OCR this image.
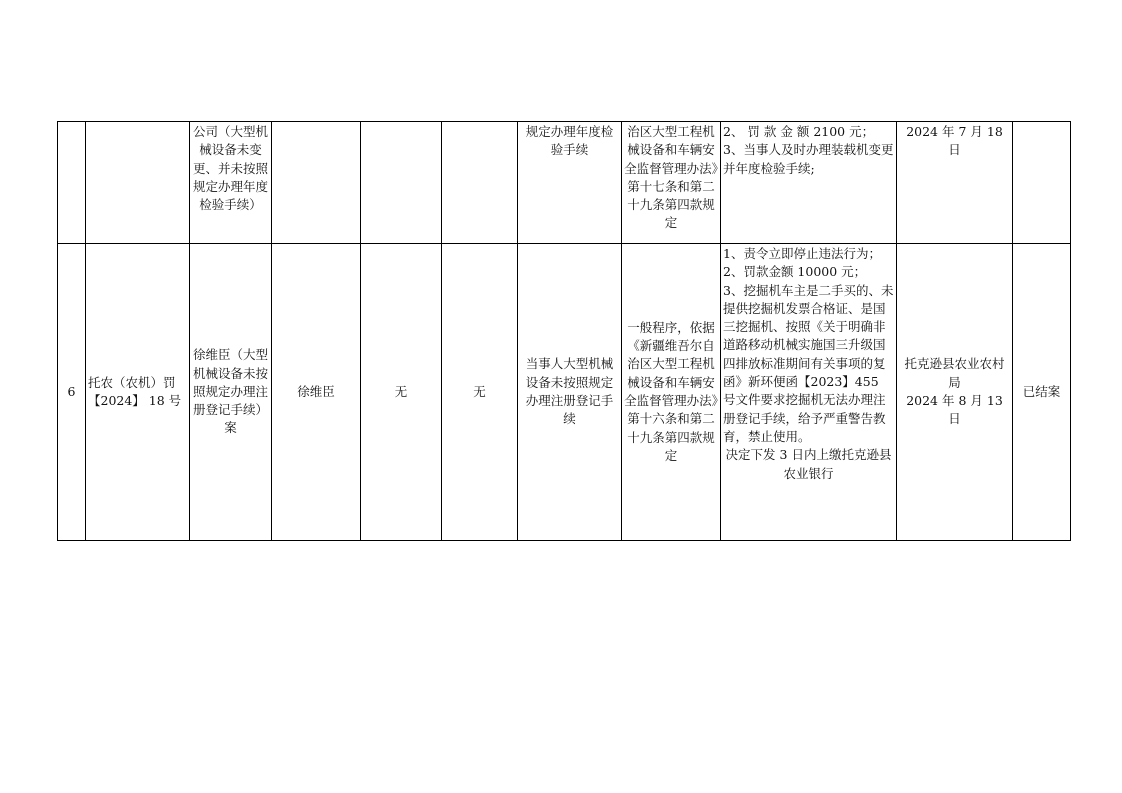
		公司（大型机械设备未变更、并未按照规定办理年度检验手续）				规定办理年度检验手续	治区大型工程机械设备和车辆安全监督管理办法》第十七条和第二十九条第四款规定	2、 罚 款 金 额 2100 元；
3、当事人及时办理装载机变更并年度检验手续;	2024 年 7 月 18 日	

6	托农（农机）罚【2024】 18 号	徐维臣（大型机械设备未按照规定办理注册登记手续）案	徐维臣	无	无	当事人大型机械设备未按照规定办理注册登记手续	一般程序，依据《新疆维吾尔自治区大型工程机械设备和车辆安全监督管理办法》第十六条和第二十九条第四款规定	1、责令立即停止违法行为；
2、罚款金额 10000 元；
3、挖掘机车主是二手买的、未提供挖掘机发票合格证、是国三挖掘机、按照《关于明确非道路移动机械实施国三升级国四排放标准期间有关事项的复函》新环便函【2023】455 号文件要求挖掘机无法办理注册登记手续，给予严重警告教育，禁止使用。
决定下发 3 日内上缴托克逊县农业银行	托克逊县农业农村局
2024 年 8 月 13 日	已结案
